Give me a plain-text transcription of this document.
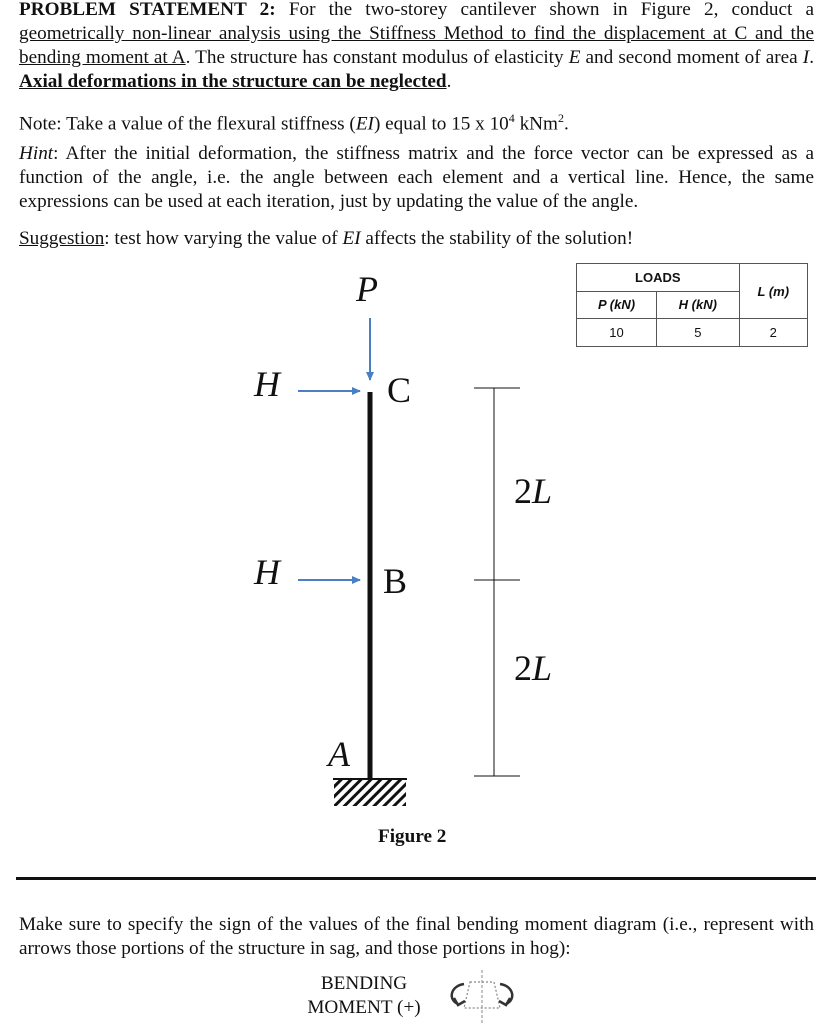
PROBLEM STATEMENT 2: For the two-storey cantilever shown in Figure 2, conduct a geometrically non-linear analysis using the Stiffness Method to find the displacement at C and the bending moment at A. The structure has constant modulus of elasticity E and second moment of area I. Axial deformations in the structure can be neglected.

Note: Take a value of the flexural stiffness (EI) equal to 15 x $10^4$ kNm$^2$.

Hint: After the initial deformation, the stiffness matrix and the force vector can be expressed as a function of the angle, i.e. the angle between each element and a vertical line. Hence, the same expressions can be used at each iteration, just by updating the value of the angle.

Suggestion: test how varying the value of EI affects the stability of the solution!

LOADS		L (m)
P (kN)	H (kN)	
10	5	2
P
C
H
H	B
A
2L
2L
Figure 2

Make sure to specify the sign of the values of the final bending moment diagram (i.e., represent with arrows those portions of the structure in sag, and those portions in hog):

BENDING
MOMENT (+)
